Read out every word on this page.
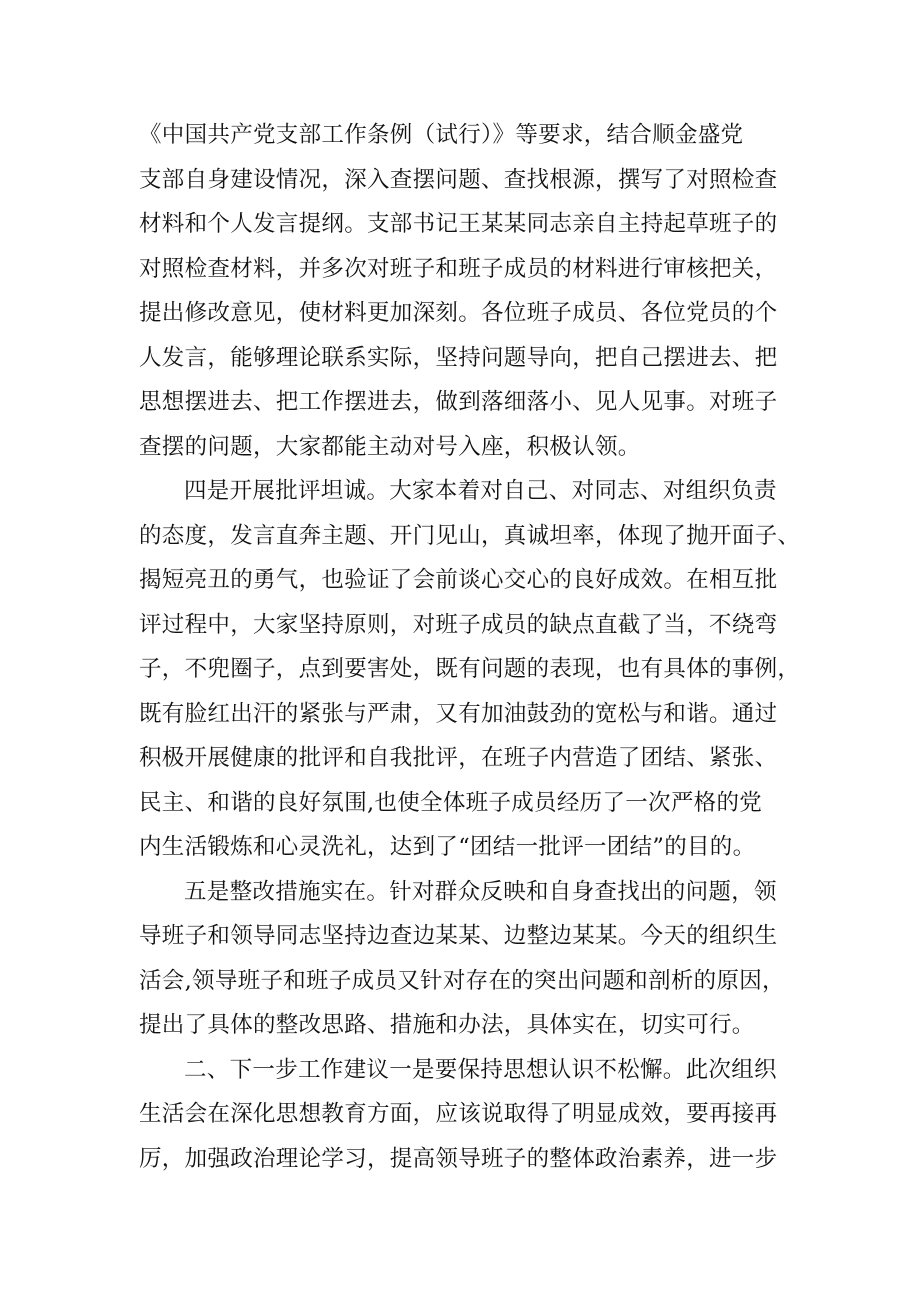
《中国共产党支部工作条例（试行）》等要求，结合顺金盛党
支部自身建设情况，深入查摆问题、查找根源，撰写了对照检查
材料和个人发言提纲。支部书记王某某同志亲自主持起草班子的
对照检查材料，并多次对班子和班子成员的材料进行审核把关，
提出修改意见，使材料更加深刻。各位班子成员、各位党员的个
人发言，能够理论联系实际，坚持问题导向，把自己摆进去、把
思想摆进去、把工作摆进去，做到落细落小、见人见事。对班子
查摆的问题，大家都能主动对号入座，积极认领。

四是开展批评坦诚。大家本着对自己、对同志、对组织负责
的态度，发言直奔主题、开门见山，真诚坦率，体现了抛开面子、
揭短亮丑的勇气，也验证了会前谈心交心的良好成效。在相互批
评过程中，大家坚持原则，对班子成员的缺点直截了当，不绕弯
子，不兜圈子，点到要害处，既有问题的表现，也有具体的事例，
既有脸红出汗的紧张与严肃，又有加油鼓劲的宽松与和谐。通过
积极开展健康的批评和自我批评，在班子内营造了团结、紧张、
民主、和谐的良好氛围,也使全体班子成员经历了一次严格的党
内生活锻炼和心灵洗礼，达到了“团结一批评一团结”的目的。

五是整改措施实在。针对群众反映和自身查找出的问题，领
导班子和领导同志坚持边查边某某、边整边某某。今天的组织生
活会,领导班子和班子成员又针对存在的突出问题和剖析的原因，
提出了具体的整改思路、措施和办法，具体实在，切实可行。

二、下一步工作建议一是要保持思想认识不松懈。此次组织
生活会在深化思想教育方面，应该说取得了明显成效，要再接再
厉，加强政治理论学习，提高领导班子的整体政治素养，进一步
